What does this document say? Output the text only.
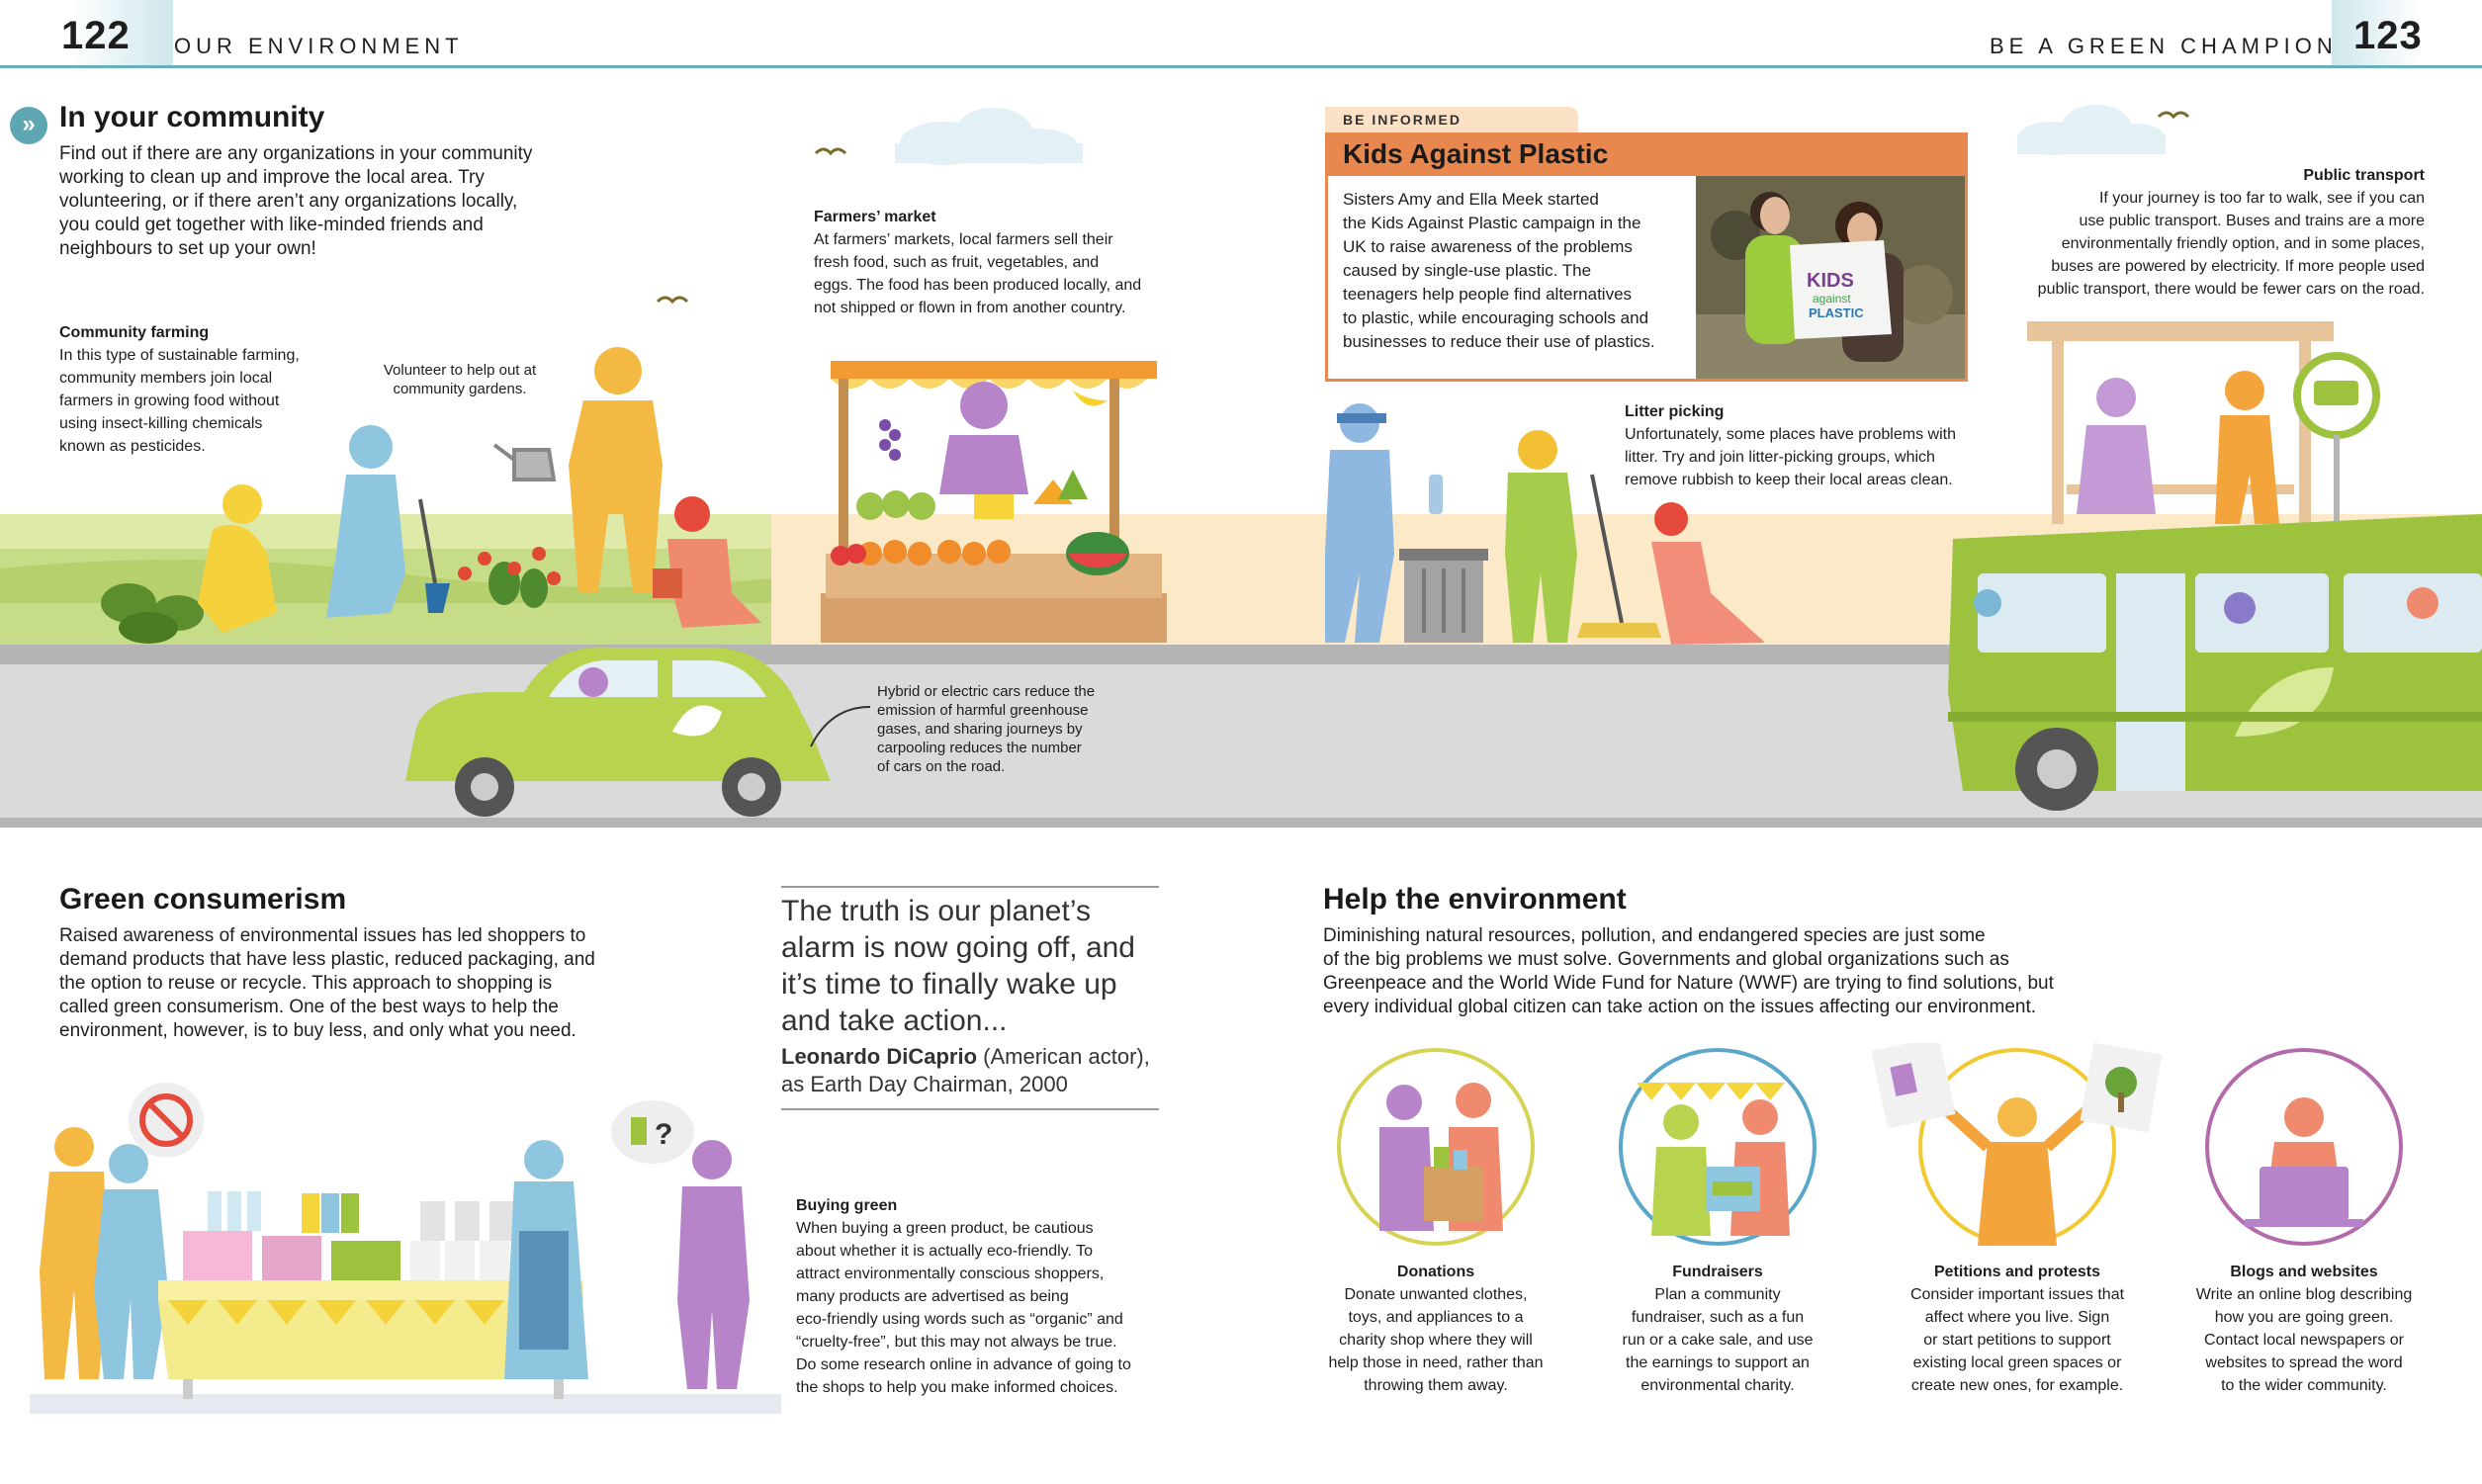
122 OUR ENVIRONMENT	BE A GREEN CHAMPION 123
» In your community
Find out if there are any organizations in your community
working to clean up and improve the local area. Try
volunteering, or if there aren’t any organizations locally,
you could get together with like-minded friends and
neighbours to set up your own!
Community farming
In this type of sustainable farming,
community members join local
farmers in growing food without
using insect-killing chemicals
known as pesticides.
Volunteer to help out at
community gardens.
Farmers’ market
At farmers’ markets, local farmers sell their
fresh food, such as fruit, vegetables, and
eggs. The food has been produced locally, and
not shipped or flown in from another country.
Litter picking
Unfortunately, some places have problems with
litter. Try and join litter-picking groups, which
remove rubbish to keep their local areas clean.
Public transport
If your journey is too far to walk, see if you can
use public transport. Buses and trains are a more
environmentally friendly option, and in some places,
buses are powered by electricity. If more people used
public transport, there would be fewer cars on the road.
BE INFORMED
Kids Against Plastic
Sisters Amy and Ella Meek started
the Kids Against Plastic campaign in the
UK to raise awareness of the problems
caused by single-use plastic. The
teenagers help people find alternatives
to plastic, while encouraging schools and
businesses to reduce their use of plastics.
KIDS
against
PLASTIC
Hybrid or electric cars reduce the
emission of harmful greenhouse
gases, and sharing journeys by
carpooling reduces the number
of cars on the road.
Green consumerism
Raised awareness of environmental issues has led shoppers to
demand products that have less plastic, reduced packaging, and
the option to reuse or recycle. This approach to shopping is
called green consumerism. One of the best ways to help the
environment, however, is to buy less, and only what you need.
?
The truth is our planet’s
alarm is now going off, and
it’s time to finally wake up
and take action...
Leonardo DiCaprio (American actor),
as Earth Day Chairman, 2000
Buying green
When buying a green product, be cautious
about whether it is actually eco-friendly. To
attract environmentally conscious shoppers,
many products are advertised as being
eco-friendly using words such as “organic” and
“cruelty-free”, but this may not always be true.
Do some research online in advance of going to
the shops to help you make informed choices.
Help the environment
Diminishing natural resources, pollution, and endangered species are just some
of the big problems we must solve. Governments and global organizations such as
Greenpeace and the World Wide Fund for Nature (WWF) are trying to find solutions, but
every individual global citizen can take action on the issues affecting our environment.
Donations
Donate unwanted clothes,
toys, and appliances to a
charity shop where they will
help those in need, rather than
throwing them away.
Fundraisers
Plan a community
fundraiser, such as a fun
run or a cake sale, and use
the earnings to support an
environmental charity.
Petitions and protests
Consider important issues that
affect where you live. Sign
or start petitions to support
existing local green spaces or
create new ones, for example.
Blogs and websites
Write an online blog describing
how you are going green.
Contact local newspapers or
websites to spread the word
to the wider community.
